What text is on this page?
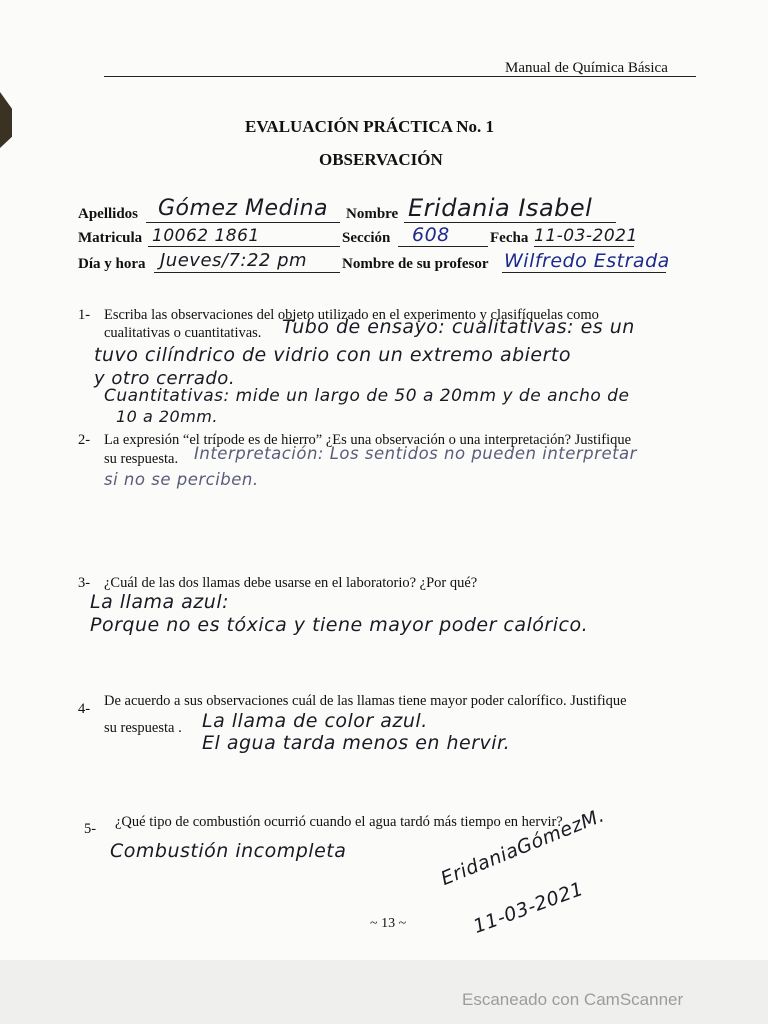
Manual de Química Básica
EVALUACIÓN PRÁCTICA No. 1
OBSERVACIÓN
Apellidos Gómez Medina Nombre Eridania Isabel
Matricula 10062 1861	Sección 608	Fecha 11-03-2021
Día y hora Jueves/7:22 pm Nombre de su profesor Wilfredo Estrada
1- Escriba las observaciones del objeto utilizado en el experimento y clasifíquelas como
cualitativas o cuantitativas. Tubo de ensayo: cualitativas: es un
tuvo cilíndrico de vidrio con un extremo abierto
y otro cerrado.
Cuantitativas: mide un largo de 50 a 20mm y de ancho de
10 a 20mm.
2- La expresión “el trípode es de hierro” ¿Es una observación o una interpretación? Justifique
su respuesta. Interpretación: Los sentidos no pueden interpretar
si no se perciben.
3- ¿Cuál de las dos llamas debe usarse en el laboratorio? ¿Por qué?
La llama azul:
Porque no es tóxica y tiene mayor poder calórico.
4- De acuerdo a sus observaciones cuál de las llamas tiene mayor poder calorífico. Justifique
su respuesta . La llama de color azul.
El agua tarda menos en hervir.
5- ¿Qué tipo de combustión ocurrió cuando el agua tardó más tiempo en hervir?
Combustión incompleta	EridaniaGómezM.
11-03-2021
~ 13 ~
Escaneado con CamScanner
